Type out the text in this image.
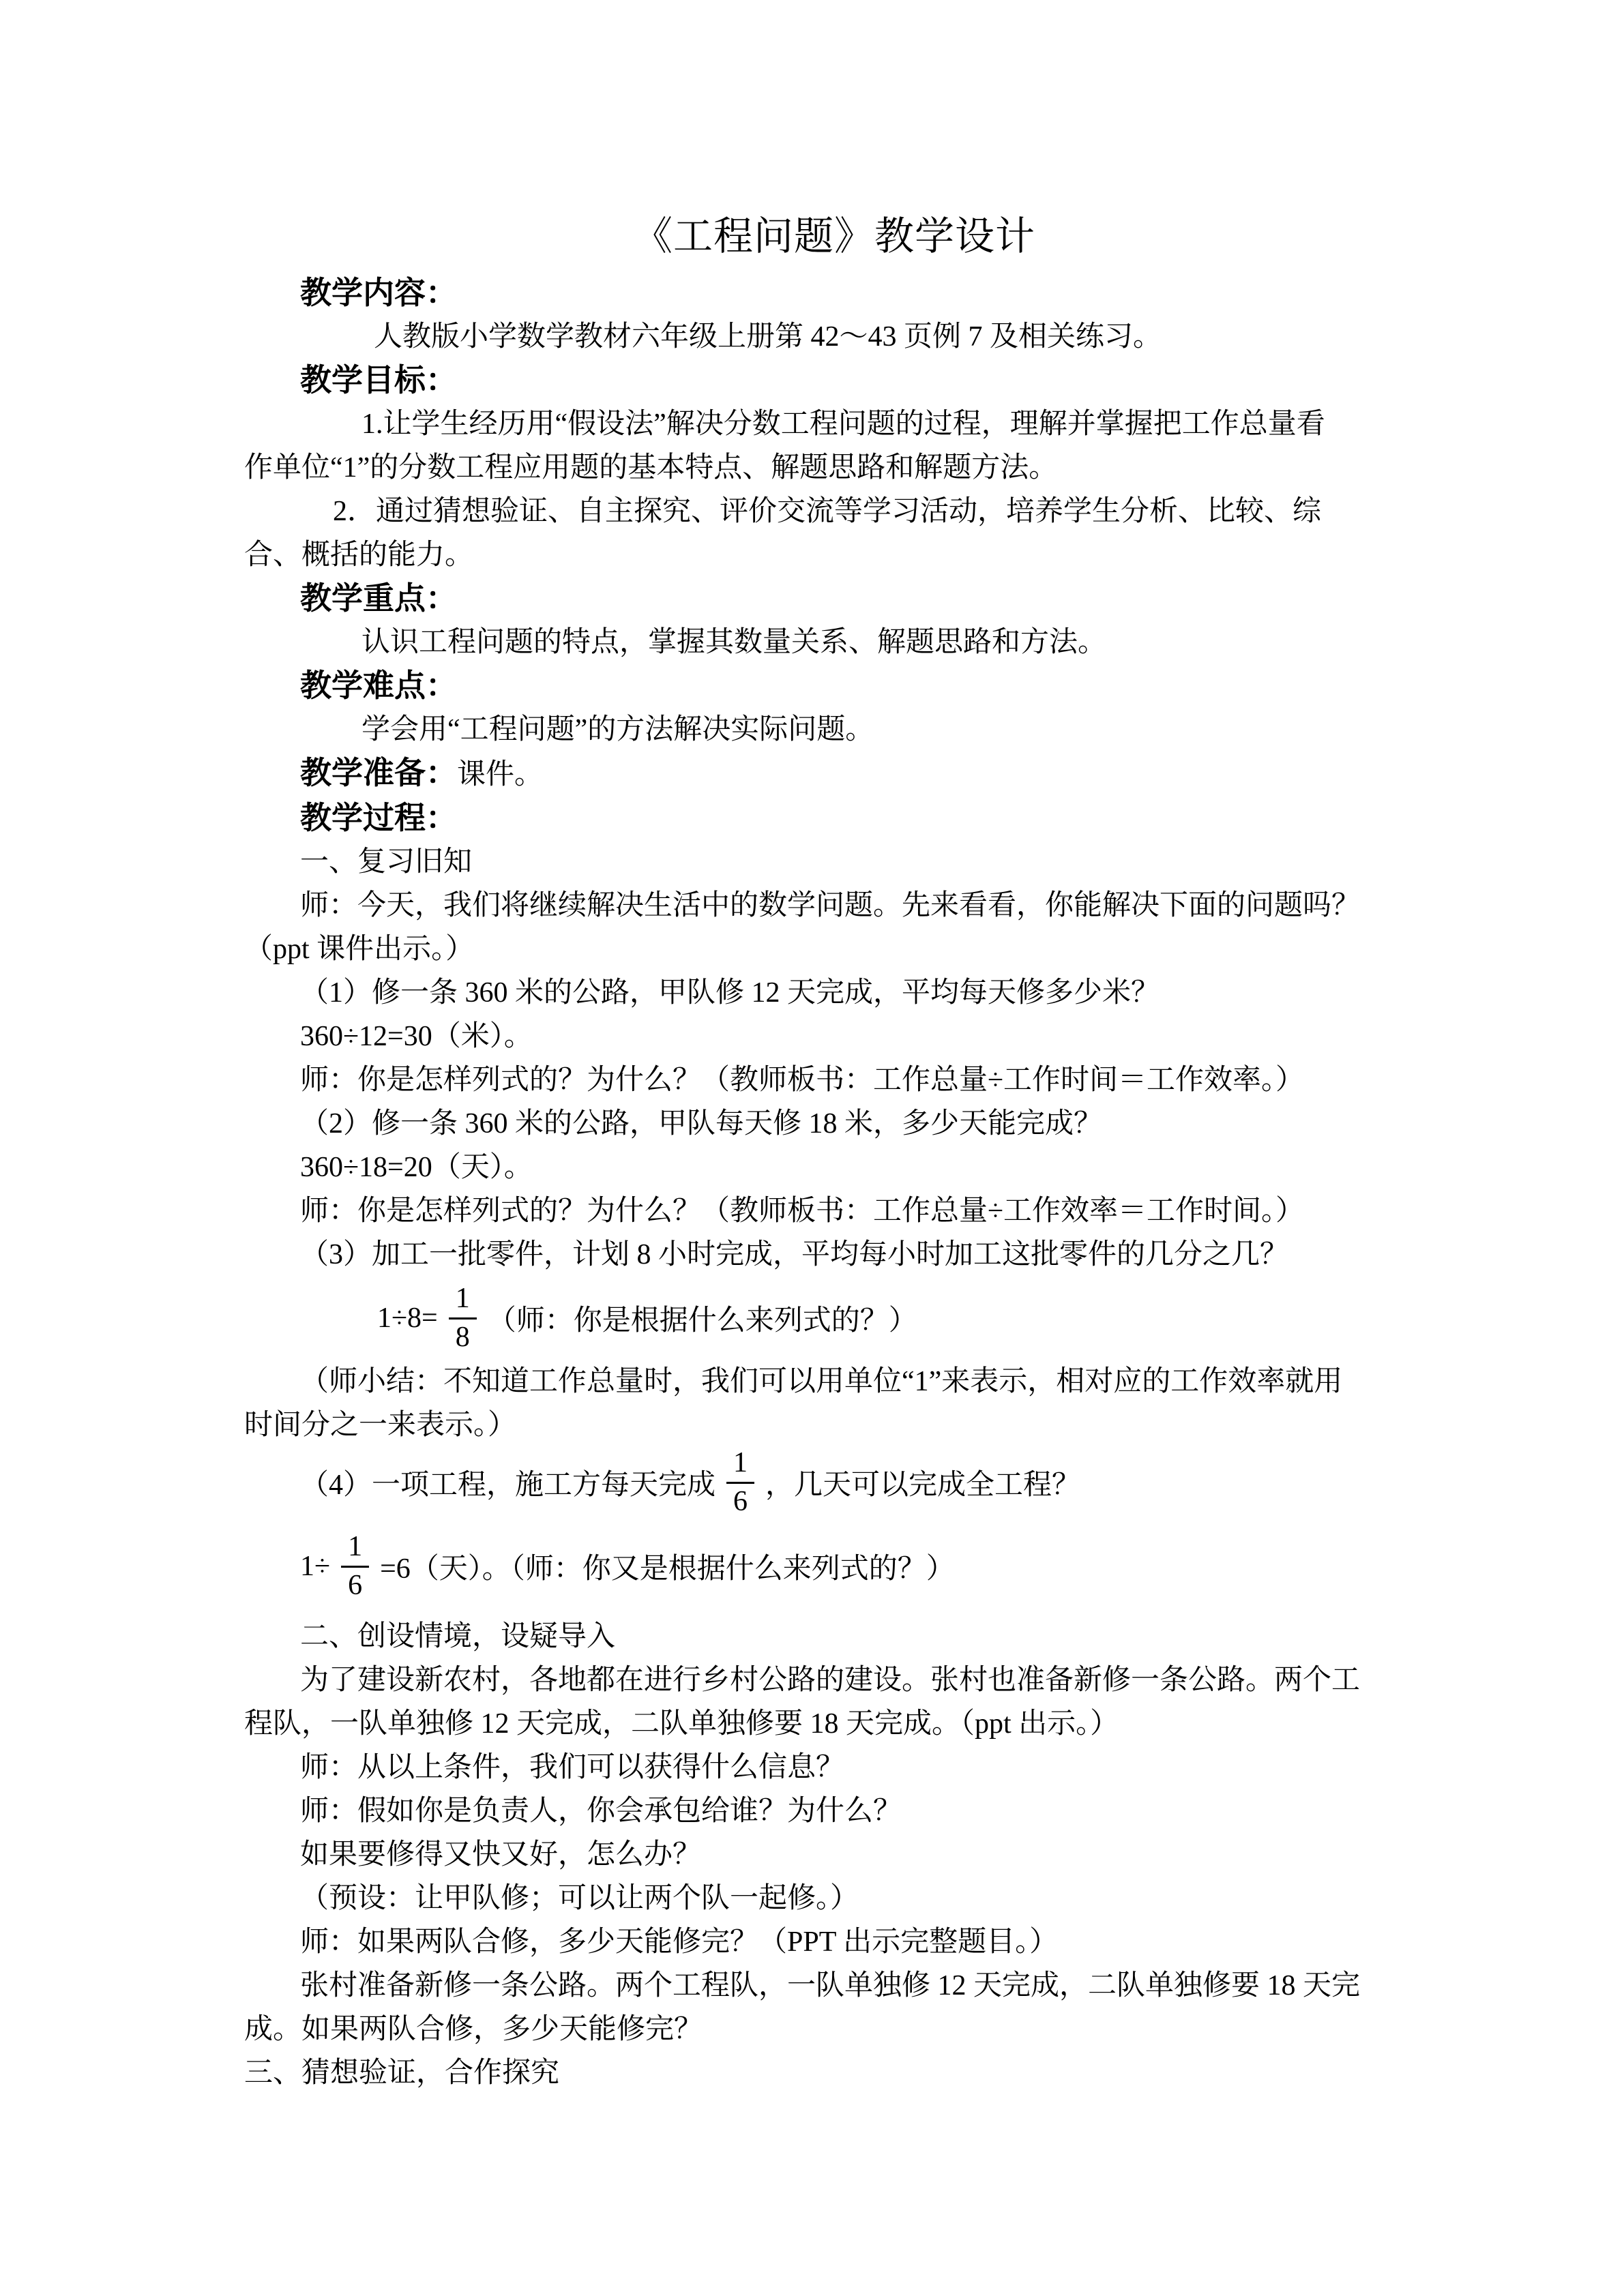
《工程问题》教学设计
教学内容：
人教版小学数学教材六年级上册第 42～43 页例 7 及相关练习。
教学目标：
1.让学生经历用“假设法”解决分数工程问题的过程，理解并掌握把工作总量看
作单位“1”的分数工程应用题的基本特点、解题思路和解题方法。
2．通过猜想验证、自主探究、评价交流等学习活动，培养学生分析、比较、综
合、概括的能力。
教学重点：
认识工程问题的特点，掌握其数量关系、解题思路和方法。
教学难点：
学会用“工程问题”的方法解决实际问题。
教学准备：课件。
教学过程：
一、复习旧知
师：今天，我们将继续解决生活中的数学问题。先来看看，你能解决下面的问题吗？
（ppt 课件出示。）
（1）修一条 360 米的公路，甲队修 12 天完成，平均每天修多少米？
360÷12=30（米）。
师：你是怎样列式的？为什么？（教师板书：工作总量÷工作时间＝工作效率。）
（2）修一条 360 米的公路，甲队每天修 18 米，多少天能完成？
360÷18=20（天）。
师：你是怎样列式的？为什么？（教师板书：工作总量÷工作效率＝工作时间。）
（3）加工一批零件，计划 8 小时完成，平均每小时加工这批零件的几分之几？
$1\div 8= \frac{1}{8}$ （师：你是根据什么来列式的？）
（师小结：不知道工作总量时，我们可以用单位“1”来表示，相对应的工作效率就用
时间分之一来表示。）
（4）一项工程，施工方每天完成 $\frac{1}{6}$ ，几天可以完成全工程？
$1\div \frac{1}{6} =6$（天）。（师：你又是根据什么来列式的？）
二、创设情境，设疑导入
为了建设新农村，各地都在进行乡村公路的建设。张村也准备新修一条公路。两个工
程队，一队单独修 12 天完成，二队单独修要 18 天完成。（ppt 出示。）
师：从以上条件，我们可以获得什么信息？
师：假如你是负责人，你会承包给谁？为什么？
如果要修得又快又好，怎么办？
（预设：让甲队修；可以让两个队一起修。）
师：如果两队合修，多少天能修完？（PPT 出示完整题目。）
张村准备新修一条公路。两个工程队，一队单独修 12 天完成，二队单独修要 18 天完
成。如果两队合修，多少天能修完？
三、猜想验证，合作探究
